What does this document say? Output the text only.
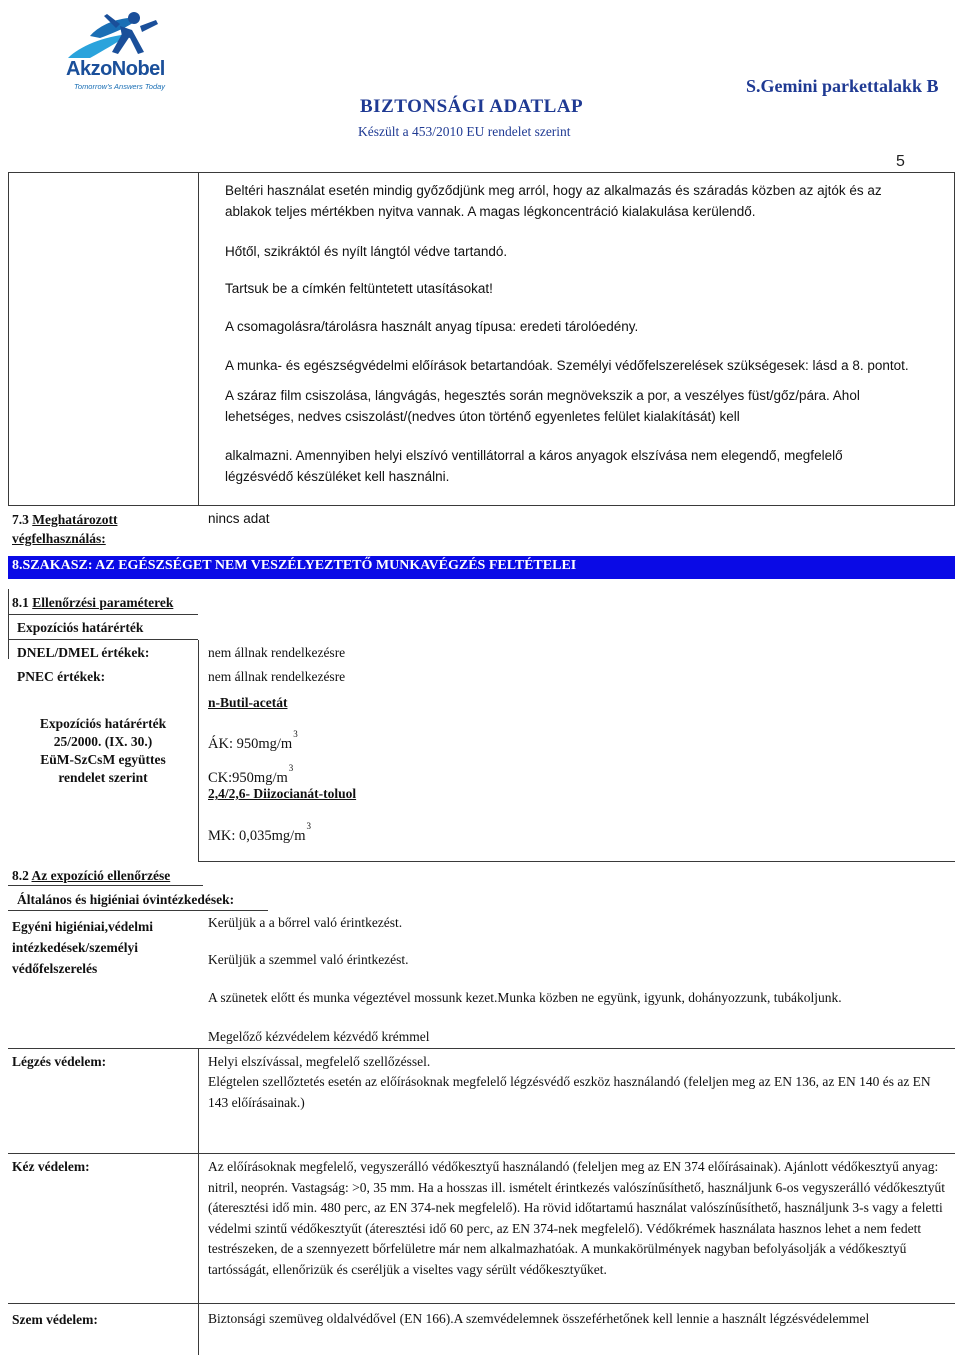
AkzoNobel
Tomorrow's Answers Today
BIZTONSÁGI ADATLAP
Készült a 453/2010 EU rendelet szerint
S.Gemini parkettalakk B
5
Beltéri használat esetén mindig győződjünk meg arról, hogy az alkalmazás és száradás közben az ajtók és az ablakok teljes mértékben nyitva vannak. A magas légkoncentráció kialakulása kerülendő.
Hőtől, szikráktól és nyílt lángtól védve tartandó.
Tartsuk be a címkén feltüntetett utasításokat!
A csomagolásra/tárolásra használt anyag típusa: eredeti tárolóedény.
A munka- és egészségvédelmi előírások betartandóak. Személyi védőfelszerelések szükségesek: lásd a 8. pontot.
A száraz film csiszolása, lángvágás, hegesztés során megnövekszik a por, a veszélyes füst/gőz/pára. Ahol lehetséges, nedves csiszolást/(nedves úton történő egyenletes felület kialakítását) kell
alkalmazni. Amennyiben helyi elszívó ventillátorral a káros anyagok elszívása nem elegendő, megfelelő légzésvédő készüléket kell használni.
7.3 Meghatározott végfelhasználás:
nincs adat
8.SZAKASZ: AZ EGÉSZSÉGET NEM VESZÉLYEZTETŐ MUNKAVÉGZÉS FELTÉTELEI
8.1 Ellenőrzési paraméterek
Expozíciós határérték
DNEL/DMEL értékek:	nem állnak rendelkezésre
PNEC értékek:	nem állnak rendelkezésre
Expozíciós határérték
25/2000. (IX. 30.)
EüM-SzCsM együttes
rendelet szerint
n-Butil-acetát
ÁK: $950mg/m^3$
$CK:950mg/m^3$
2,4/2,6- Diizocianát-toluol
MK: $0,035mg/m^3$
8.2 Az expozíció ellenőrzése
Általános és higiéniai óvintézkedések:
Egyéni higiéniai,védelmi
intézkedések/személyi
védőfelszerelés
Kerüljük a a bőrrel való érintkezést.
Kerüljük a szemmel való érintkezést.
A szünetek előtt és munka végeztével mossunk kezet.Munka közben ne együnk, igyunk, dohányozzunk, tubákoljunk.
Megelőző kézvédelem kézvédő krémmel
Légzés védelem:	Helyi elszívással, megfelelő szellőzéssel.
Elégtelen szellőztetés esetén az előírásoknak megfelelő légzésvédő eszköz használandó (feleljen meg az EN 136, az EN 140 és az EN 143 előírásainak.)
Kéz védelem:	Az előírásoknak megfelelő, vegyszerálló védőkesztyű használandó (feleljen meg az EN 374 előírásainak). Ajánlott védőkesztyű anyag: nitril, neoprén. Vastagság: >0, 35 mm. Ha a hosszas ill. ismételt érintkezés valószínűsíthető, használjunk 6-os vegyszerálló védőkesztyűt (áteresztési idő min. 480 perc, az EN 374-nek megfelelő). Ha rövid időtartamú használat valószínűsíthető, használjunk 3-s vagy a feletti védelmi szintű védőkesztyűt (áteresztési idő 60 perc, az EN 374-nek megfelelő). Védőkrémek használata hasznos lehet a nem fedett testrészeken, de a szennyezett bőrfelületre már nem alkalmazhatóak. A munkakörülmények nagyban befolyásolják a védőkesztyű tartósságát, ellenőrizük és cseréljük a viseltes vagy sérült védőkesztyűket.
Szem védelem:	Biztonsági szemüveg oldalvédővel (EN 166).A szemvédelemnek összeférhetőnek kell lennie a használt légzésvédelemmel
